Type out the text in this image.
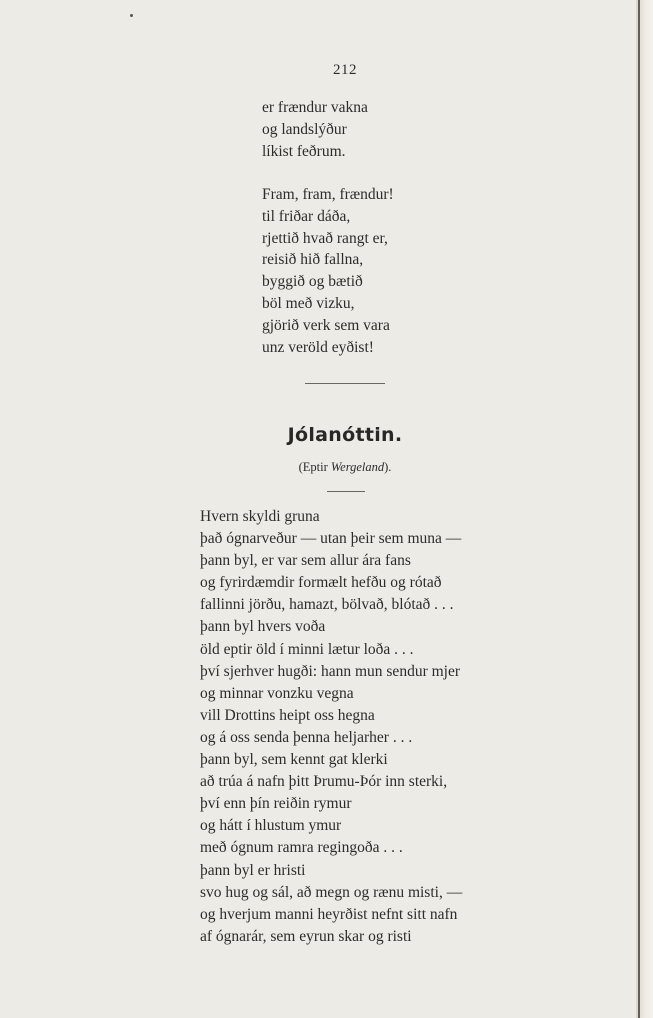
212
er frændur vakna
og landslýður
líkist feðrum.
Fram, fram, frændur!
til friðar dáða,
rjettið hvað rangt er,
reisið hið fallna,
byggið og bætið
böl með vizku,
gjörið verk sem vara
unz veröld eyðist!
Jólanóttin.
(Eptir Wergeland).
Hvern skyldi gruna
það ógnarveður — utan þeir sem muna —
þann byl, er var sem allur ára fans
og fyrirdæmdir formælt hefðu og rótað
fallinni jörðu, hamazt, bölvað, blótað . . .
þann byl hvers voða
öld eptir öld í minni lætur loða . . .
því sjerhver hugði: hann mun sendur mjer
og minnar vonzku vegna
vill Drottins heipt oss hegna
og á oss senda þenna heljarher . . .
þann byl, sem kennt gat klerki
að trúa á nafn þitt Þrumu-Þór inn sterki,
því enn þín reiðin rymur
og hátt í hlustum ymur
með ógnum ramra regingoða . . .
þann byl er hristi
svo hug og sál, að megn og rænu misti, —
og hverjum manni heyrðist nefnt sitt nafn
af ógnarár, sem eyrun skar og risti
